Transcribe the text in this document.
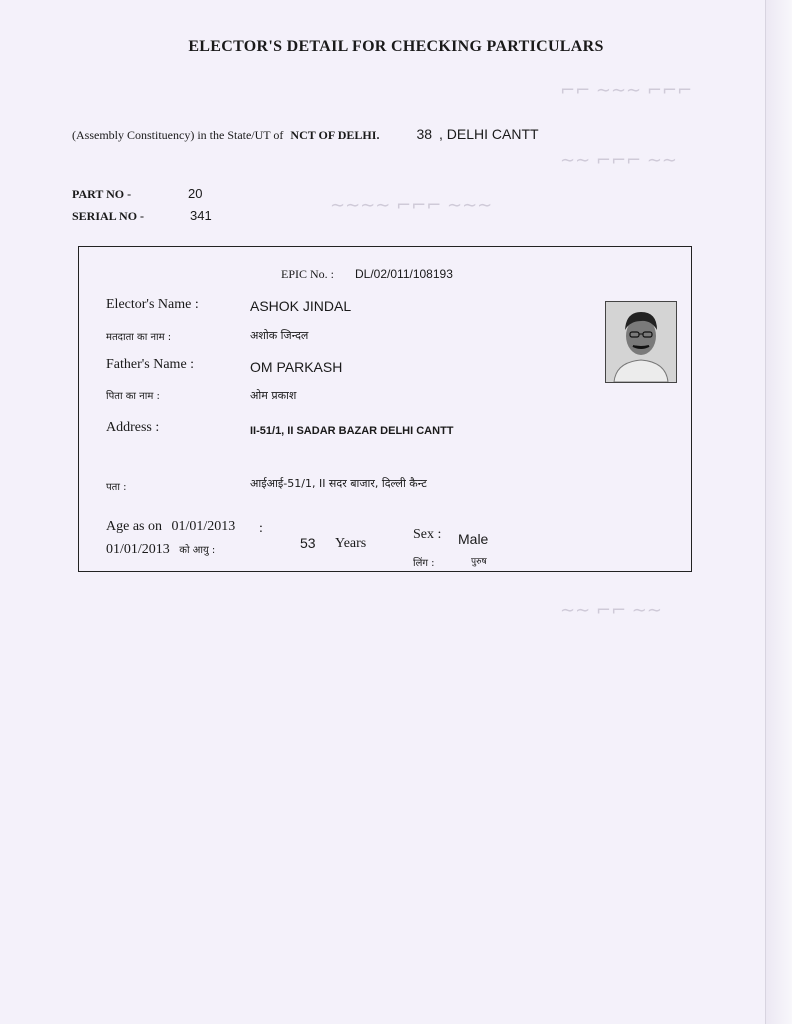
⌐⌐ ∼∼∼ ⌐⌐⌐
∼∼ ⌐⌐⌐ ∼∼
∼∼∼∼ ⌐⌐⌐ ∼∼∼
∼∼ ⌐⌐ ∼∼
ELECTOR'S DETAIL FOR CHECKING PARTICULARS
(Assembly Constituency) in the State/UT of NCT OF DELHI.	38 , DELHI CANTT
PART NO -	20
SERIAL NO -	341
EPIC No. : DL/02/011/108193
Elector's Name :	ASHOK JINDAL
मतदाता का नाम :	अशोक जिन्दल
Father's Name :	OM PARKASH
पिता का नाम :	ओम प्रकाश
Address :	II-51/1, II SADAR BAZAR DELHI CANTT
पता :	आईआई-51/1, II सदर बाजार, दिल्ली कैन्ट
Age as on 01/01/2013 :
01/01/2013 को आयु :	53 Years
Sex : Male
लिंग :	पुरुष
